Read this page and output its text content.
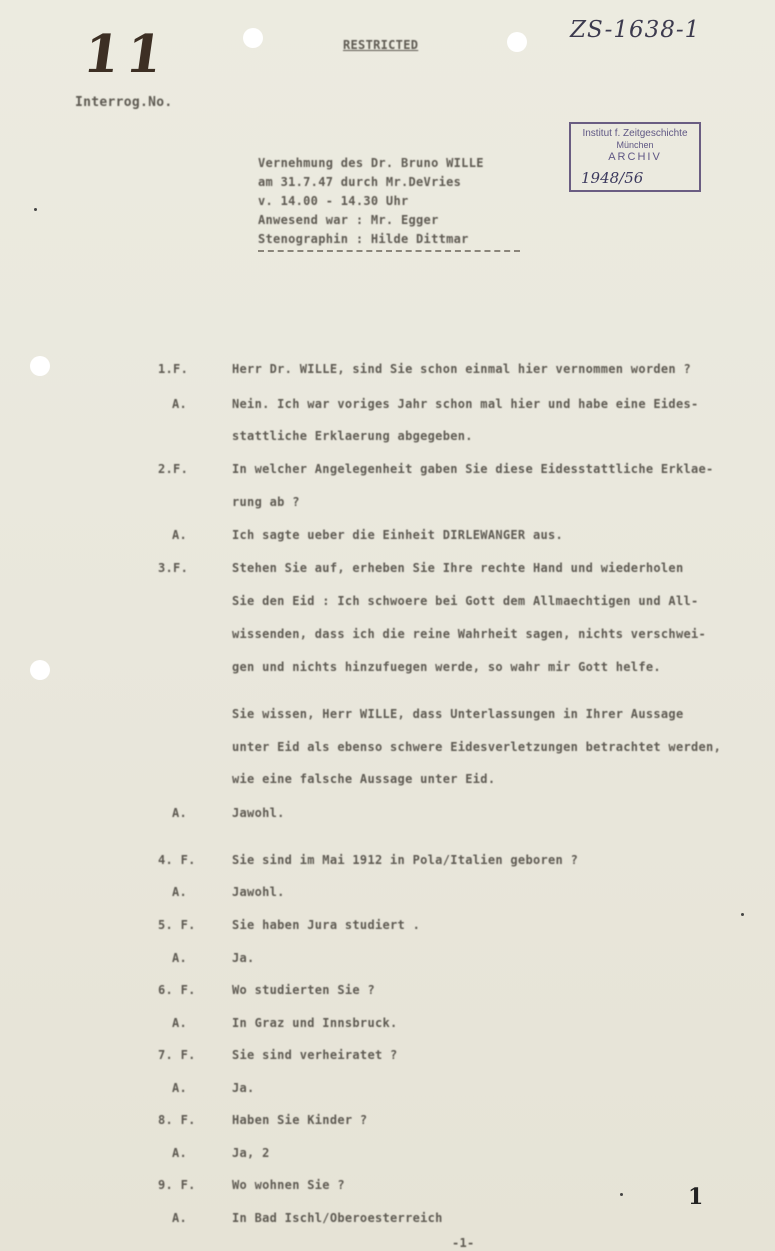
11	ZS-1638-1
RESTRICTED
Interrog.No.
Institut f. Zeitgeschichte
München
ARCHIV
1948/56
Vernehmung des Dr. Bruno WILLE
am 31.7.47 durch Mr.DeVries
v. 14.00 - 14.30 Uhr
Anwesend war : Mr. Egger
Stenographin : Hilde Dittmar
1.F.	Herr Dr. WILLE, sind Sie schon einmal hier vernommen worden ?
A.	Nein. Ich war voriges Jahr schon mal hier und habe eine Eides-
stattliche Erklaerung abgegeben.
2.F.	In welcher Angelegenheit gaben Sie diese Eidesstattliche Erklae-
rung ab ?
A.	Ich sagte ueber die Einheit DIRLEWANGER aus.
3.F.	Stehen Sie auf, erheben Sie Ihre rechte Hand und wiederholen
Sie den Eid : Ich schwoere bei Gott dem Allmaechtigen und All-
wissenden, dass ich die reine Wahrheit sagen, nichts verschwei-
gen und nichts hinzufuegen werde, so wahr mir Gott helfe.
Sie wissen, Herr WILLE, dass Unterlassungen in Ihrer Aussage
unter Eid als ebenso schwere Eidesverletzungen betrachtet werden,
wie eine falsche Aussage unter Eid.
A.	Jawohl.
4. F.	Sie sind im Mai 1912 in Pola/Italien geboren ?
A.	Jawohl.
5. F.	Sie haben Jura studiert .
A.	Ja.
6. F.	Wo studierten Sie ?
A.	In Graz und Innsbruck.
7. F.	Sie sind verheiratet ?
A.	Ja.
8. F.	Haben Sie Kinder ?
A.	Ja, 2
9. F.	Wo wohnen Sie ?
A.	In Bad Ischl/Oberoesterreich
-1-
1
